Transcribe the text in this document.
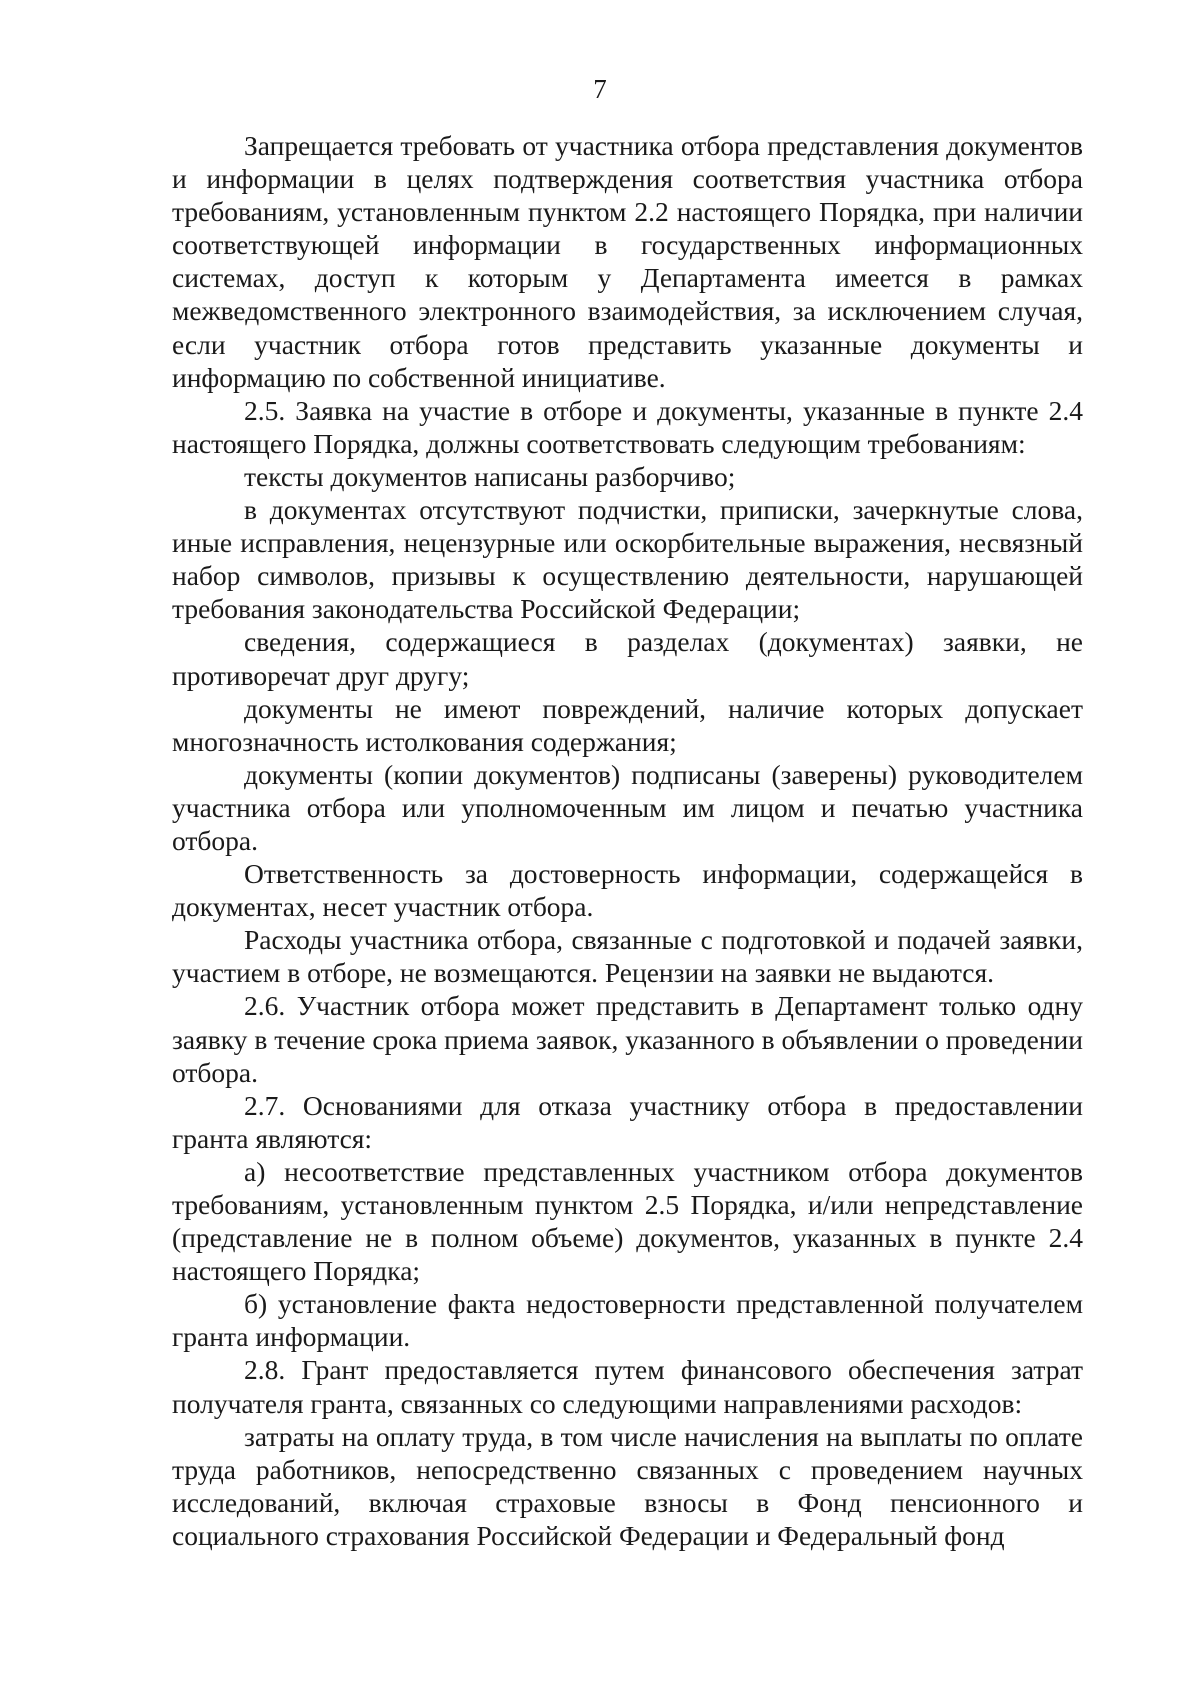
7

Запрещается требовать от участника отбора представления документов и информации в целях подтверждения соответствия участника отбора требованиям, установленным пунктом 2.2 настоящего Порядка, при наличии соответствующей информации в государственных информационных системах, доступ к которым у Департамента имеется в рамках межведомственного электронного взаимодействия, за исключением случая, если участник отбора готов представить указанные документы и информацию по собственной инициативе.

2.5. Заявка на участие в отборе и документы, указанные в пункте 2.4 настоящего Порядка, должны соответствовать следующим требованиям:

тексты документов написаны разборчиво;

в документах отсутствуют подчистки, приписки, зачеркнутые слова, иные исправления, нецензурные или оскорбительные выражения, несвязный набор символов, призывы к осуществлению деятельности, нарушающей требования законодательства Российской Федерации;

сведения, содержащиеся в разделах (документах) заявки, не противоречат друг другу;

документы не имеют повреждений, наличие которых допускает многозначность истолкования содержания;

документы (копии документов) подписаны (заверены) руководителем участника отбора или уполномоченным им лицом и печатью участника отбора.

Ответственность за достоверность информации, содержащейся в документах, несет участник отбора.

Расходы участника отбора, связанные с подготовкой и подачей заявки, участием в отборе, не возмещаются. Рецензии на заявки не выдаются.

2.6. Участник отбора может представить в Департамент только одну заявку в течение срока приема заявок, указанного в объявлении о проведении отбора.

2.7. Основаниями для отказа участнику отбора в предоставлении гранта являются:

а) несоответствие представленных участником отбора документов требованиям, установленным пунктом 2.5 Порядка, и/или непредставление (представление не в полном объеме) документов, указанных в пункте 2.4 настоящего Порядка;

б) установление факта недостоверности представленной получателем гранта информации.

2.8. Грант предоставляется путем финансового обеспечения затрат получателя гранта, связанных со следующими направлениями расходов:

затраты на оплату труда, в том числе начисления на выплаты по оплате труда работников, непосредственно связанных с проведением научных исследований, включая страховые взносы в Фонд пенсионного и социального страхования Российской Федерации и Федеральный фонд
